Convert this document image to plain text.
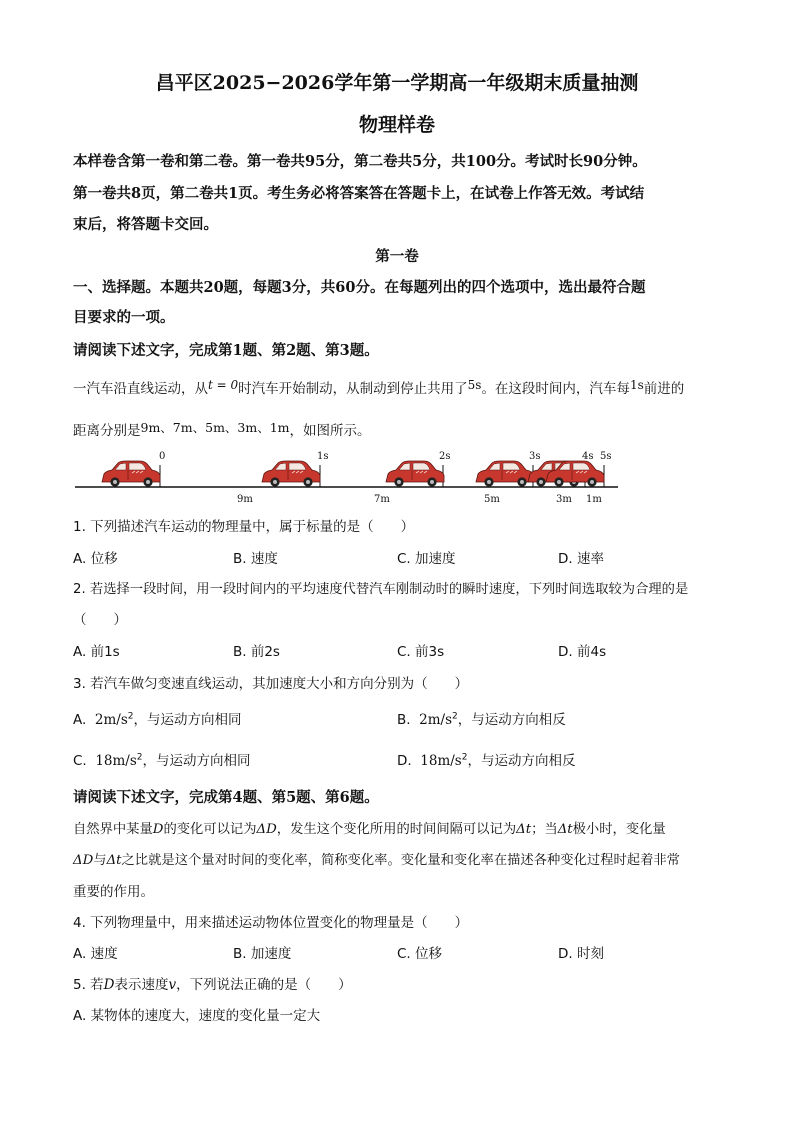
昌平区2025−2026学年第一学期高一年级期末质量抽测
物理样卷
本样卷含第一卷和第二卷。第一卷共95分，第二卷共5分，共100分。考试时长90分钟。
第一卷共8页，第二卷共1页。考生务必将答案答在答题卡上，在试卷上作答无效。考试结
束后，将答题卡交回。
第一卷
一、选择题。本题共20题，每题3分，共60分。在每题列出的四个选项中，选出最符合题
目要求的一项。
请阅读下述文字，完成第1题、第2题、第3题。
一汽车沿直线运动，从t = 0时汽车开始制动，从制动到停止共用了5s。在这段时间内，汽车每1s前进的
距离分别是9m、7m、5m、3m、1m，如图所示。
0	1s	2s	3s	4s 5s
9m	7m	5m	3m 1m
1. 下列描述汽车运动的物理量中，属于标量的是（　　）
A. 位移	B. 速度	C. 加速度	D. 速率
2. 若选择一段时间，用一段时间内的平均速度代替汽车刚制动时的瞬时速度，下列时间选取较为合理的是
（　　）
A. 前1s	B. 前2s	C. 前3s	D. 前4s
3. 若汽车做匀变速直线运动，其加速度大小和方向分别为（　　）
A. $2m/s^2$，与运动方向相同	B. $2m/s^2$，与运动方向相反
C. $18m/s^2$，与运动方向相同	D. $18m/s^2$，与运动方向相反
请阅读下述文字，完成第4题、第5题、第6题。
自然界中某量D的变化可以记为ΔD，发生这个变化所用的时间间隔可以记为Δt；当Δt极小时，变化量
ΔD与Δt之比就是这个量对时间的变化率，简称变化率。变化量和变化率在描述各种变化过程时起着非常
重要的作用。
4. 下列物理量中，用来描述运动物体位置变化的物理量是（　　）
A. 速度	B. 加速度	C. 位移	D. 时刻
5. 若D表示速度v，下列说法正确的是（　　）
A. 某物体的速度大，速度的变化量一定大
